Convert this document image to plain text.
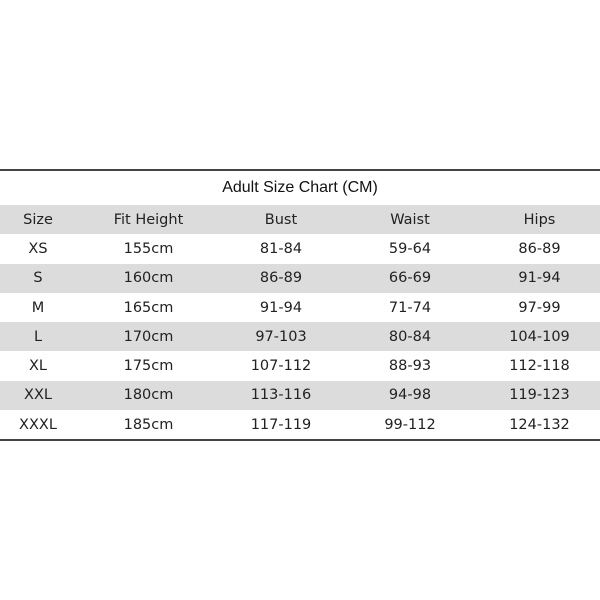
Adult Size Chart (CM)
Size	Fit Height	Bust	Waist	Hips
XS	155cm	81-84	59-64	86-89
S	160cm	86-89	66-69	91-94
M	165cm	91-94	71-74	97-99
L	170cm	97-103	80-84	104-109
XL	175cm	107-112	88-93	112-118
XXL	180cm	113-116	94-98	119-123
XXXL	185cm	117-119	99-112	124-132
